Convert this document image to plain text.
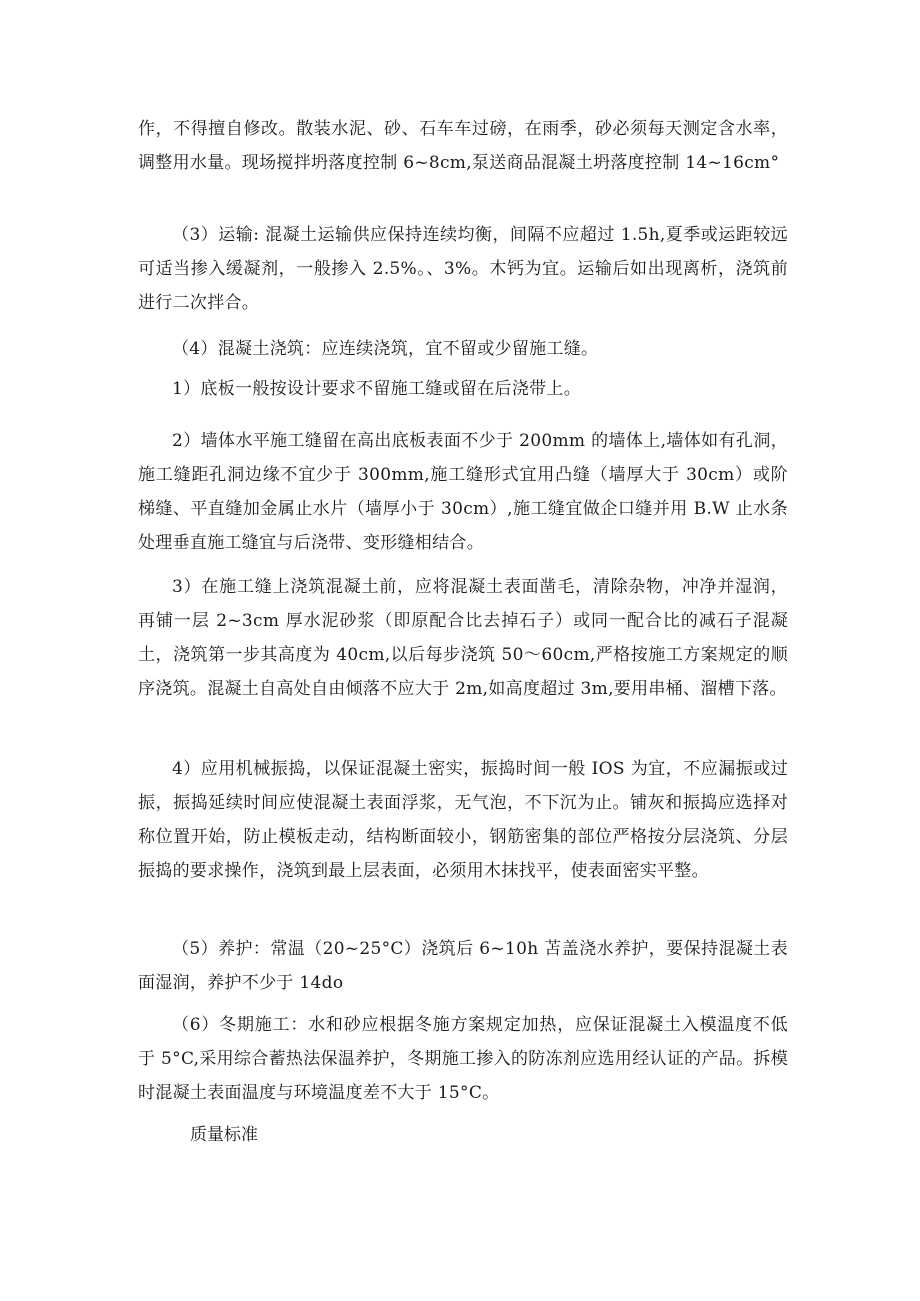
作，不得擅自修改。散装水泥、砂、石车车过磅，在雨季，砂必须每天测定含水率，调整用水量。现场搅拌坍落度控制 6~8cm,泵送商品混凝土坍落度控制 14~16cm°

（3）运输: 混凝土运输供应保持连续均衡，间隔不应超过 1.5h,夏季或运距较远可适当掺入缓凝剂，一般掺入 2.5%。、3%。木钙为宜。运输后如出现离析，浇筑前进行二次拌合。

（4）混凝土浇筑：应连续浇筑，宜不留或少留施工缝。

1）底板一般按设计要求不留施工缝或留在后浇带上。

2）墙体水平施工缝留在高出底板表面不少于 200mm 的墙体上,墙体如有孔洞，施工缝距孔洞边缘不宜少于 300mm,施工缝形式宜用凸缝（墙厚大于 30cm）或阶梯缝、平直缝加金属止水片（墙厚小于 30cm）,施工缝宜做企口缝并用 B.W 止水条处理垂直施工缝宜与后浇带、变形缝相结合。

3）在施工缝上浇筑混凝土前，应将混凝土表面凿毛，清除杂物，冲净并湿润，再铺一层 2~3cm 厚水泥砂浆（即原配合比去掉石子）或同一配合比的减石子混凝土，浇筑第一步其高度为 40cm,以后每步浇筑 50～60cm,严格按施工方案规定的顺序浇筑。混凝土自高处自由倾落不应大于 2m,如高度超过 3m,要用串桶、溜槽下落。

4）应用机械振捣，以保证混凝土密实，振捣时间一般 IOS 为宜，不应漏振或过振，振捣延续时间应使混凝土表面浮浆，无气泡，不下沉为止。铺灰和振捣应选择对称位置开始，防止模板走动，结构断面较小，钢筋密集的部位严格按分层浇筑、分层振捣的要求操作，浇筑到最上层表面，必须用木抹找平，使表面密实平整。

（5）养护：常温（20~25°C）浇筑后 6~10h 苫盖浇水养护，要保持混凝土表面湿润，养护不少于 14do

（6）冬期施工：水和砂应根据冬施方案规定加热，应保证混凝土入模温度不低于 5°C,采用综合蓄热法保温养护，冬期施工掺入的防冻剂应选用经认证的产品。拆模时混凝土表面温度与环境温度差不大于 15°C。

质量标准
